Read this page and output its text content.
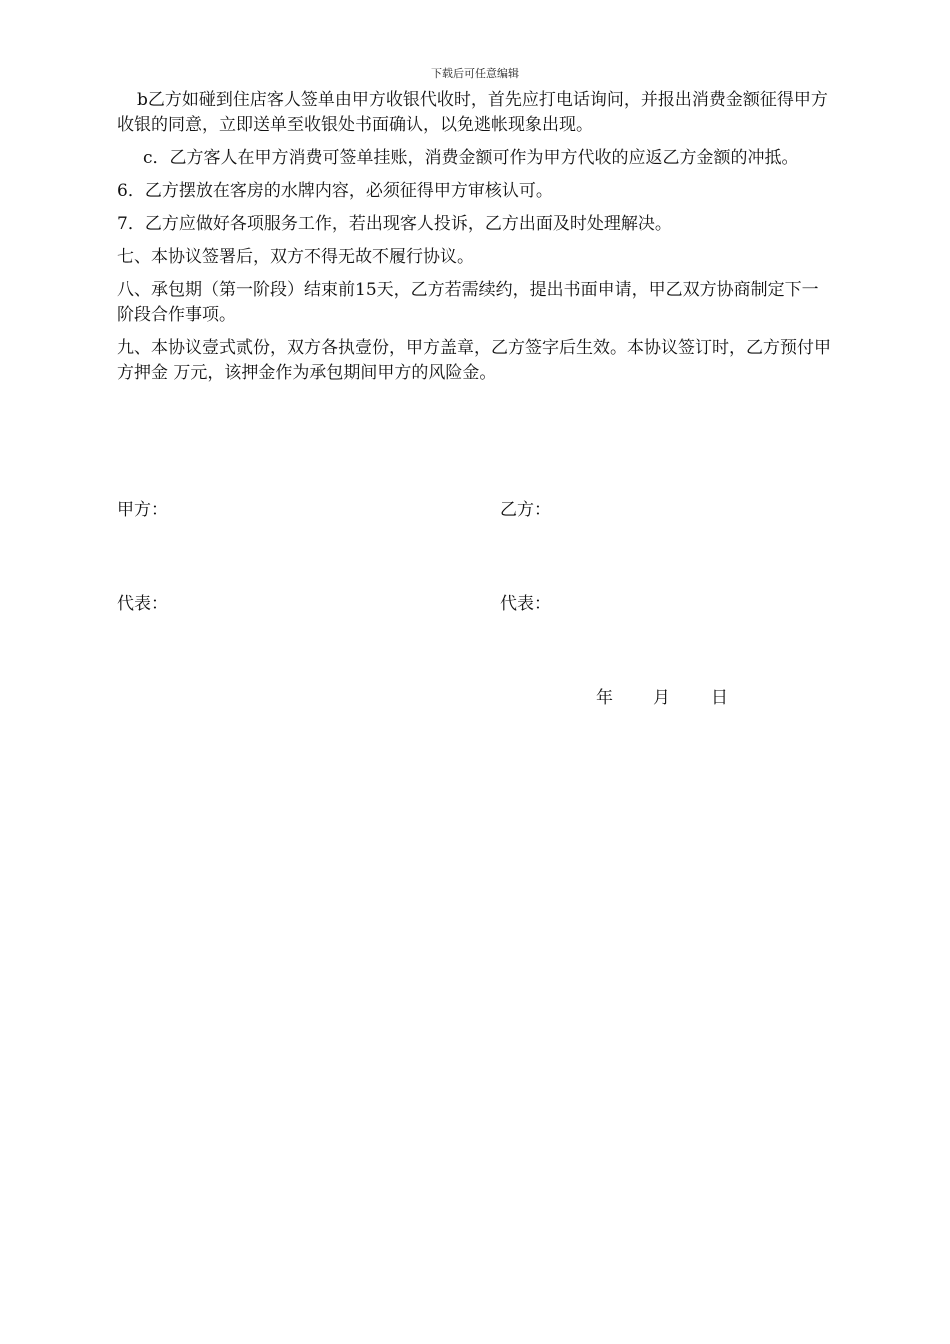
下载后可任意编辑

b乙方如碰到住店客人签单由甲方收银代收时，首先应打电话询问，并报出消费金额征得甲方收银的同意，立即送单至收银处书面确认，以免逃帐现象出现。

c．乙方客人在甲方消费可签单挂账，消费金额可作为甲方代收的应返乙方金额的冲抵。

6．乙方摆放在客房的水牌内容，必须征得甲方审核认可。

7．乙方应做好各项服务工作，若出现客人投诉，乙方出面及时处理解决。

七、本协议签署后，双方不得无故不履行协议。

八、承包期（第一阶段）结束前15天，乙方若需续约，提出书面申请，甲乙双方协商制定下一阶段合作事项。

九、本协议壹式贰份，双方各执壹份，甲方盖章，乙方签字后生效。本协议签订时，乙方预付甲方押金 万元，该押金作为承包期间甲方的风险金。

甲方：	乙方：
代表：	代表：
年 月 日
